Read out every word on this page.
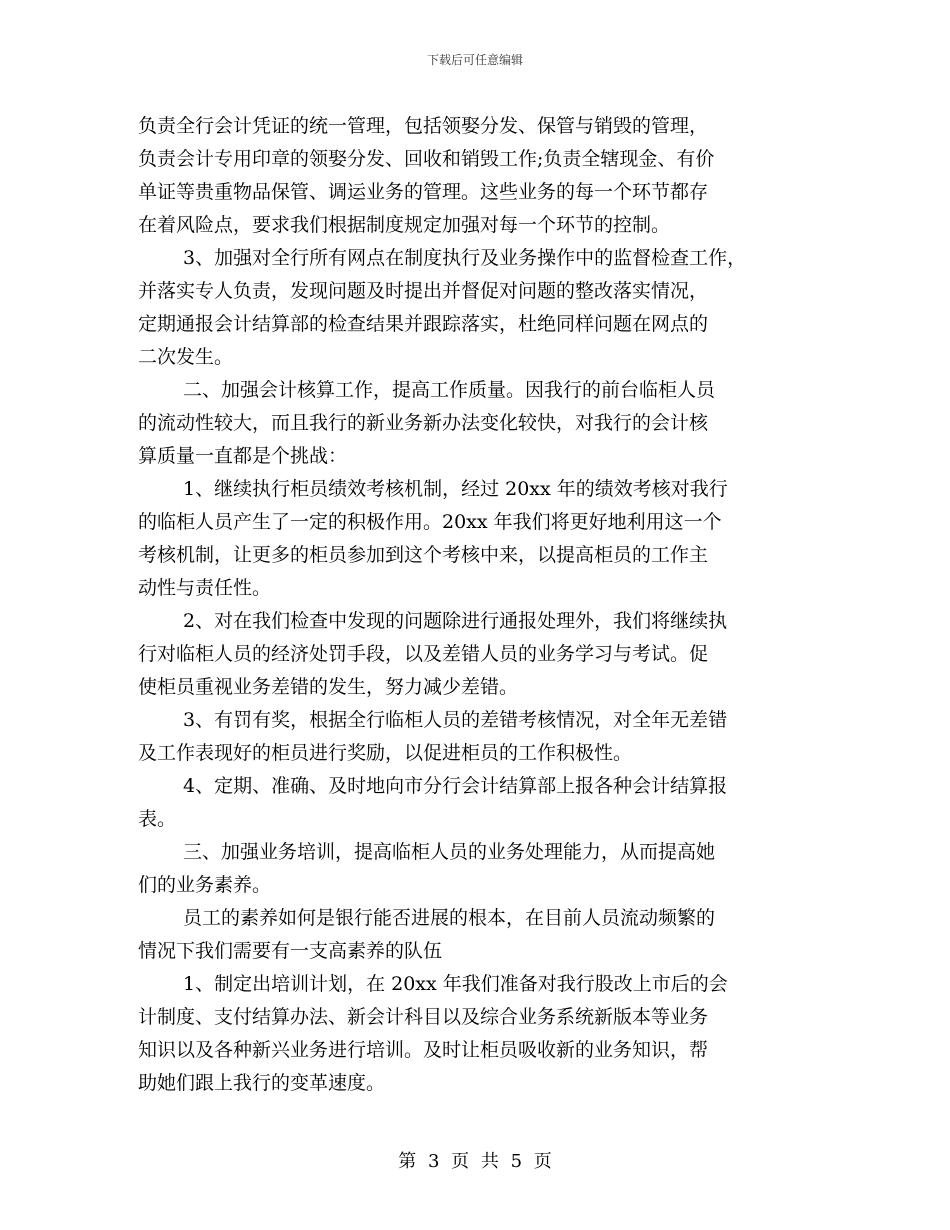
下载后可任意编辑
负责全行会计凭证的统一管理，包括领娶分发、保管与销毁的管理，
负责会计专用印章的领娶分发、回收和销毁工作;负责全辖现金、有价
单证等贵重物品保管、调运业务的管理。这些业务的每一个环节都存
在着风险点，要求我们根据制度规定加强对每一个环节的控制。
3、加强对全行所有网点在制度执行及业务操作中的监督检查工作，
并落实专人负责，发现问题及时提出并督促对问题的整改落实情况，
定期通报会计结算部的检查结果并跟踪落实，杜绝同样问题在网点的
二次发生。
二、加强会计核算工作，提高工作质量。因我行的前台临柜人员
的流动性较大，而且我行的新业务新办法变化较快，对我行的会计核
算质量一直都是个挑战：
1、继续执行柜员绩效考核机制，经过 20xx 年的绩效考核对我行
的临柜人员产生了一定的积极作用。20xx 年我们将更好地利用这一个
考核机制，让更多的柜员参加到这个考核中来，以提高柜员的工作主
动性与责任性。
2、对在我们检查中发现的问题除进行通报处理外，我们将继续执
行对临柜人员的经济处罚手段，以及差错人员的业务学习与考试。促
使柜员重视业务差错的发生，努力减少差错。
3、有罚有奖，根据全行临柜人员的差错考核情况，对全年无差错
及工作表现好的柜员进行奖励，以促进柜员的工作积极性。
4、定期、准确、及时地向市分行会计结算部上报各种会计结算报
表。
三、加强业务培训，提高临柜人员的业务处理能力，从而提高她
们的业务素养。
员工的素养如何是银行能否进展的根本，在目前人员流动频繁的
情况下我们需要有一支高素养的队伍
1、制定出培训计划，在 20xx 年我们准备对我行股改上市后的会
计制度、支付结算办法、新会计科目以及综合业务系统新版本等业务
知识以及各种新兴业务进行培训。及时让柜员吸收新的业务知识，帮
助她们跟上我行的变革速度。
第 3 页 共 5 页
